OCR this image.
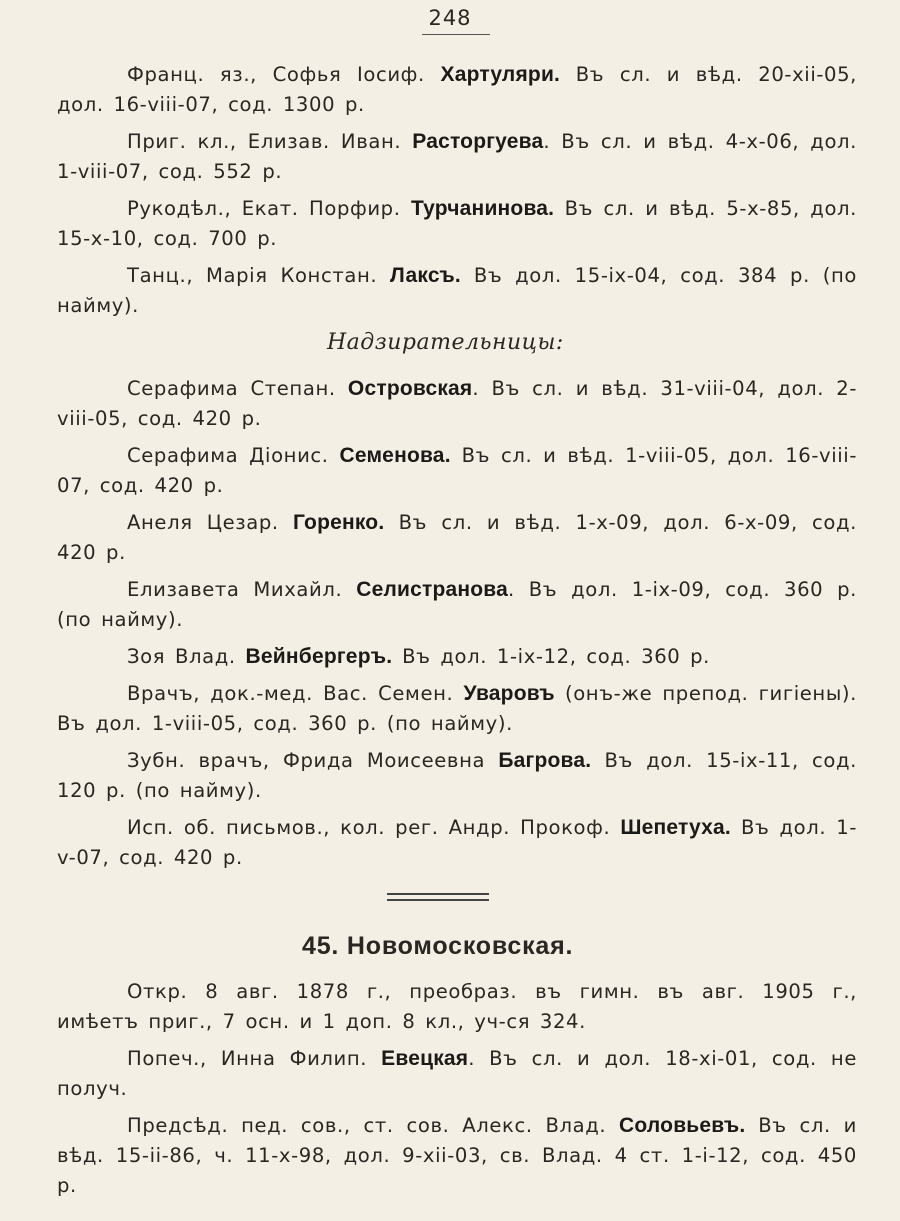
248

Франц. яз., Софья Іосиф. Хартуляри. Въ сл. и вѣд. 20-xii-05, дол. 16-viii-07, сод. 1300 р.

Приг. кл., Елизав. Иван. Расторгуева. Въ сл. и вѣд. 4-x-06, дол. 1-viii-07, сод. 552 р.

Рукодѣл., Екат. Порфир. Турчанинова. Въ сл. и вѣд. 5-x-85, дол. 15-x-10, сод. 700 р.

Танц., Марія Констан. Лаксъ. Въ дол. 15-ix-04, сод. 384 р. (по найму).

Надзирательницы:

Серафима Степан. Островская. Въ сл. и вѣд. 31-viii-04, дол. 2-viii-05, сод. 420 р.

Серафима Діонис. Семенова. Въ сл. и вѣд. 1-viii-05, дол. 16-viii-07, сод. 420 р.

Анеля Цезар. Горенко. Въ сл. и вѣд. 1-x-09, дол. 6-x-09, сод. 420 р.

Елизавета Михайл. Селистранова. Въ дол. 1-ix-09, сод. 360 р. (по найму).

Зоя Влад. Вейнбергеръ. Въ дол. 1-ix-12, сод. 360 р.

Врачъ, док.-мед. Вас. Семен. Уваровъ (онъ-же препод. гигіены). Въ дол. 1-viii-05, сод. 360 р. (по найму).

Зубн. врачъ, Фрида Моисеевна Багрова. Въ дол. 15-ix-11, сод. 120 р. (по найму).

Исп. об. письмов., кол. рег. Андр. Прокоф. Шепетуха. Въ дол. 1-v-07, сод. 420 р.

45. Новомосковская.

Откр. 8 авг. 1878 г., преобраз. въ гимн. въ авг. 1905 г., имѣетъ приг., 7 осн. и 1 доп. 8 кл., уч-ся 324.

Попеч., Инна Филип. Евецкая. Въ сл. и дол. 18-xi-01, сод. не получ.

Предсѣд. пед. сов., ст. сов. Алекс. Влад. Соловьевъ. Въ сл. и вѣд. 15-ii-86, ч. 11-x-98, дол. 9-xii-03, св. Влад. 4 ст. 1-i-12, сод. 450 р.
